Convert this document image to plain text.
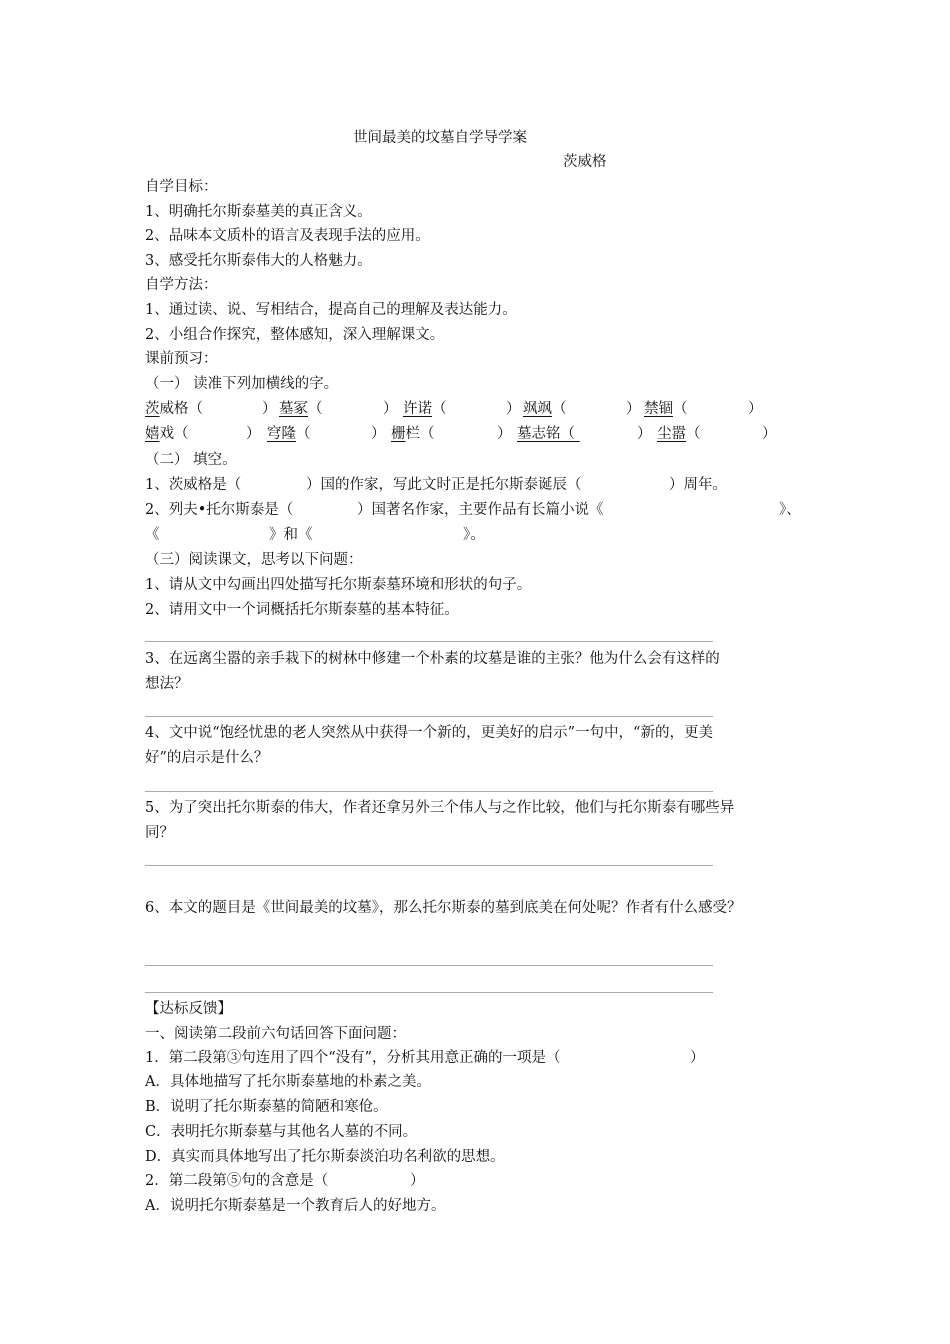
世间最美的坟墓自学导学案
茨威格
自学目标：
1、明确托尔斯泰墓美的真正含义。
2、品味本文质朴的语言及表现手法的应用。
3、感受托尔斯泰伟大的人格魅力。
自学方法：
1、通过读、说、写相结合，提高自己的理解及表达能力。
2、小组合作探究，整体感知，深入理解课文。
课前预习：
（一） 读准下列加横线的字。
茨威格（	） 墓冢（	） 许诺（	） 飒飒（	） 禁锢（	）
嬉戏（	） 穹隆（	） 栅栏（	） 墓志铭（	） 尘嚣（	）
（二） 填空。
1、茨威格是（	）国的作家，写此文时正是托尔斯泰诞辰（	）周年。
2、列夫•托尔斯泰是（	）国著名作家，主要作品有长篇小说《	》、
《	》和《	》。
（三）阅读课文，思考以下问题：
1、请从文中勾画出四处描写托尔斯泰墓环境和形状的句子。
2、请用文中一个词概括托尔斯泰墓的基本特征。
3、在远离尘嚣的亲手栽下的树林中修建一个朴素的坟墓是谁的主张？他为什么会有这样的
想法？
4、文中说“饱经忧患的老人突然从中获得一个新的，更美好的启示”一句中，“新的，更美
好”的启示是什么？
5、为了突出托尔斯泰的伟大，作者还拿另外三个伟人与之作比较，他们与托尔斯泰有哪些异
同？
6、本文的题目是《世间最美的坟墓》，那么托尔斯泰的墓到底美在何处呢？作者有什么感受？
【达标反馈】
一、阅读第二段前六句话回答下面问题：
1．第二段第③句连用了四个“没有”，分析其用意正确的一项是（	）
A．具体地描写了托尔斯泰墓地的朴素之美。
B．说明了托尔斯泰墓的简陋和寒伧。
C．表明托尔斯泰墓与其他名人墓的不同。
D．真实而具体地写出了托尔斯泰淡泊功名利欲的思想。
2．第二段第⑤句的含意是（	）
A．说明托尔斯泰墓是一个教育后人的好地方。
